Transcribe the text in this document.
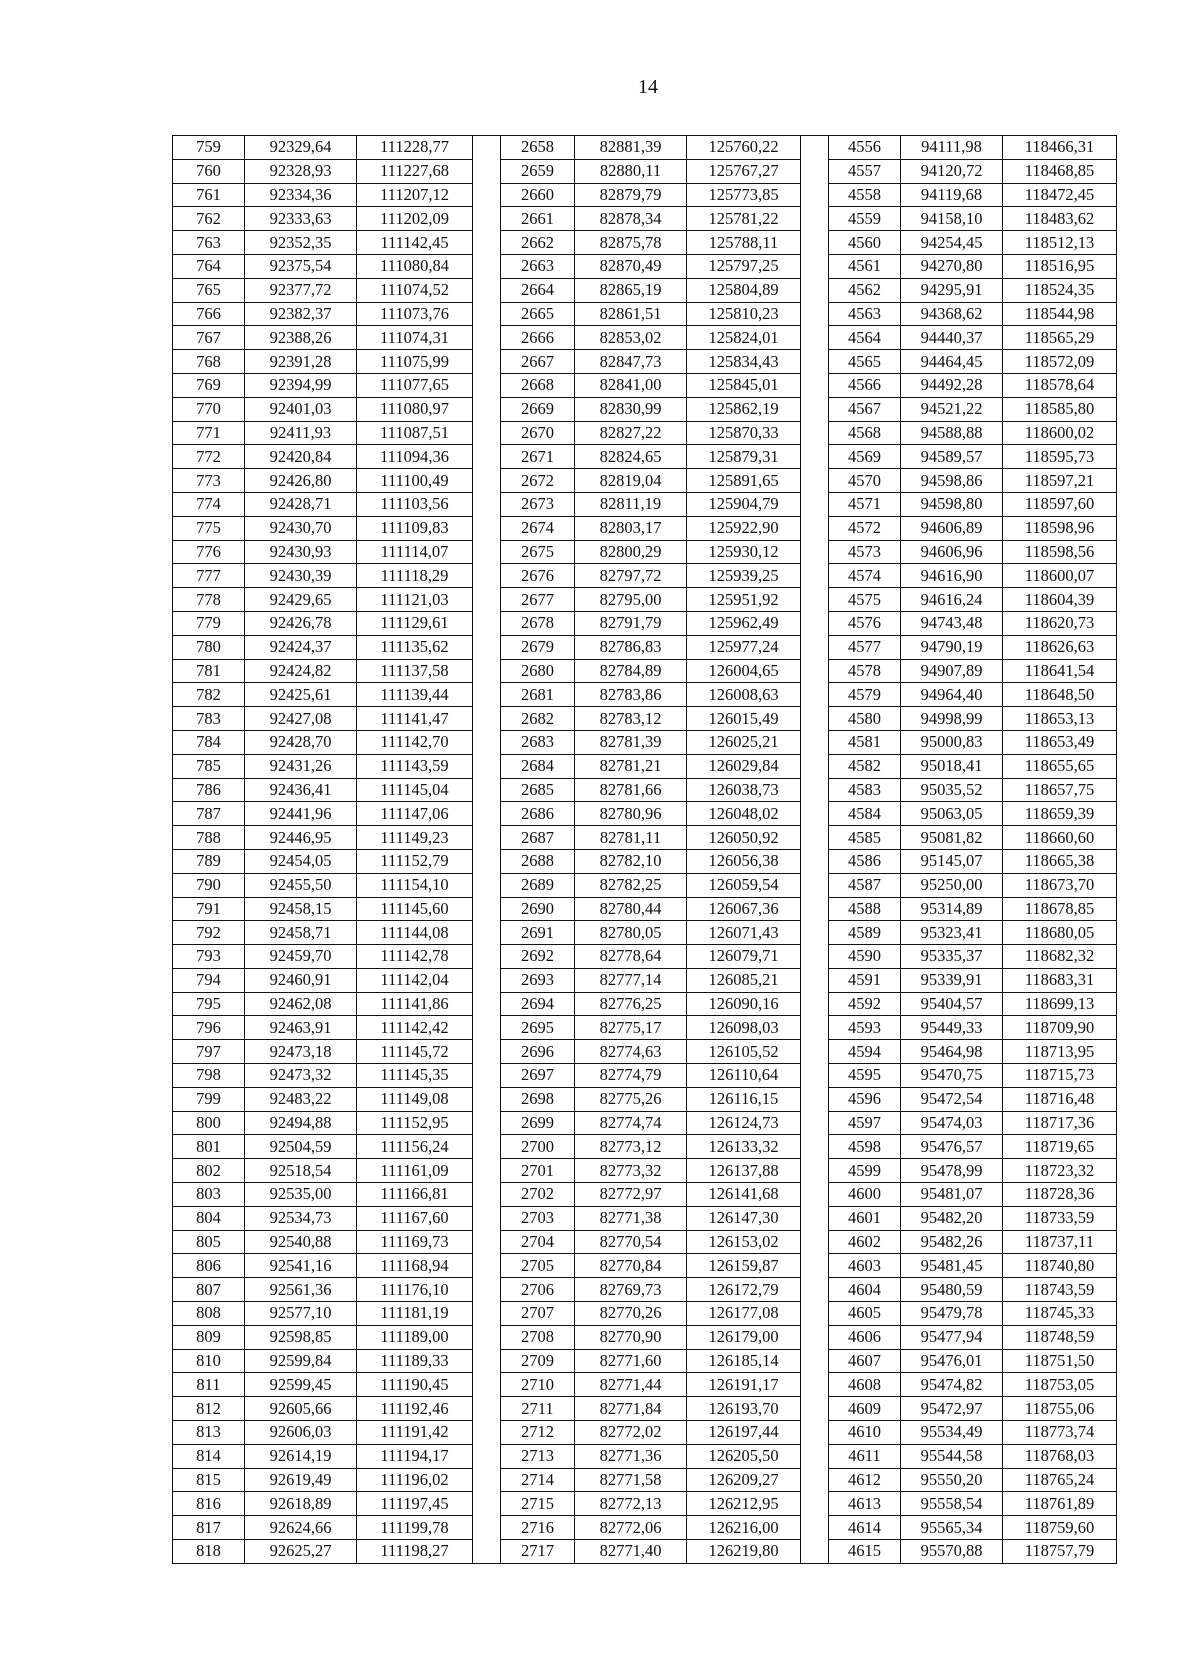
14
759	92329,64	111228,77		2658	82881,39	125760,22		4556	94111,98	118466,31
760	92328,93	111227,68		2659	82880,11	125767,27		4557	94120,72	118468,85
761	92334,36	111207,12		2660	82879,79	125773,85		4558	94119,68	118472,45
762	92333,63	111202,09		2661	82878,34	125781,22		4559	94158,10	118483,62
763	92352,35	111142,45		2662	82875,78	125788,11		4560	94254,45	118512,13
764	92375,54	111080,84		2663	82870,49	125797,25		4561	94270,80	118516,95
765	92377,72	111074,52		2664	82865,19	125804,89		4562	94295,91	118524,35
766	92382,37	111073,76		2665	82861,51	125810,23		4563	94368,62	118544,98
767	92388,26	111074,31		2666	82853,02	125824,01		4564	94440,37	118565,29
768	92391,28	111075,99		2667	82847,73	125834,43		4565	94464,45	118572,09
769	92394,99	111077,65		2668	82841,00	125845,01		4566	94492,28	118578,64
770	92401,03	111080,97		2669	82830,99	125862,19		4567	94521,22	118585,80
771	92411,93	111087,51		2670	82827,22	125870,33		4568	94588,88	118600,02
772	92420,84	111094,36		2671	82824,65	125879,31		4569	94589,57	118595,73
773	92426,80	111100,49		2672	82819,04	125891,65		4570	94598,86	118597,21
774	92428,71	111103,56		2673	82811,19	125904,79		4571	94598,80	118597,60
775	92430,70	111109,83		2674	82803,17	125922,90		4572	94606,89	118598,96
776	92430,93	111114,07		2675	82800,29	125930,12		4573	94606,96	118598,56
777	92430,39	111118,29		2676	82797,72	125939,25		4574	94616,90	118600,07
778	92429,65	111121,03		2677	82795,00	125951,92		4575	94616,24	118604,39
779	92426,78	111129,61		2678	82791,79	125962,49		4576	94743,48	118620,73
780	92424,37	111135,62		2679	82786,83	125977,24		4577	94790,19	118626,63
781	92424,82	111137,58		2680	82784,89	126004,65		4578	94907,89	118641,54
782	92425,61	111139,44		2681	82783,86	126008,63		4579	94964,40	118648,50
783	92427,08	111141,47		2682	82783,12	126015,49		4580	94998,99	118653,13
784	92428,70	111142,70		2683	82781,39	126025,21		4581	95000,83	118653,49
785	92431,26	111143,59		2684	82781,21	126029,84		4582	95018,41	118655,65
786	92436,41	111145,04		2685	82781,66	126038,73		4583	95035,52	118657,75
787	92441,96	111147,06		2686	82780,96	126048,02		4584	95063,05	118659,39
788	92446,95	111149,23		2687	82781,11	126050,92		4585	95081,82	118660,60
789	92454,05	111152,79		2688	82782,10	126056,38		4586	95145,07	118665,38
790	92455,50	111154,10		2689	82782,25	126059,54		4587	95250,00	118673,70
791	92458,15	111145,60		2690	82780,44	126067,36		4588	95314,89	118678,85
792	92458,71	111144,08		2691	82780,05	126071,43		4589	95323,41	118680,05
793	92459,70	111142,78		2692	82778,64	126079,71		4590	95335,37	118682,32
794	92460,91	111142,04		2693	82777,14	126085,21		4591	95339,91	118683,31
795	92462,08	111141,86		2694	82776,25	126090,16		4592	95404,57	118699,13
796	92463,91	111142,42		2695	82775,17	126098,03		4593	95449,33	118709,90
797	92473,18	111145,72		2696	82774,63	126105,52		4594	95464,98	118713,95
798	92473,32	111145,35		2697	82774,79	126110,64		4595	95470,75	118715,73
799	92483,22	111149,08		2698	82775,26	126116,15		4596	95472,54	118716,48
800	92494,88	111152,95		2699	82774,74	126124,73		4597	95474,03	118717,36
801	92504,59	111156,24		2700	82773,12	126133,32		4598	95476,57	118719,65
802	92518,54	111161,09		2701	82773,32	126137,88		4599	95478,99	118723,32
803	92535,00	111166,81		2702	82772,97	126141,68		4600	95481,07	118728,36
804	92534,73	111167,60		2703	82771,38	126147,30		4601	95482,20	118733,59
805	92540,88	111169,73		2704	82770,54	126153,02		4602	95482,26	118737,11
806	92541,16	111168,94		2705	82770,84	126159,87		4603	95481,45	118740,80
807	92561,36	111176,10		2706	82769,73	126172,79		4604	95480,59	118743,59
808	92577,10	111181,19		2707	82770,26	126177,08		4605	95479,78	118745,33
809	92598,85	111189,00		2708	82770,90	126179,00		4606	95477,94	118748,59
810	92599,84	111189,33		2709	82771,60	126185,14		4607	95476,01	118751,50
811	92599,45	111190,45		2710	82771,44	126191,17		4608	95474,82	118753,05
812	92605,66	111192,46		2711	82771,84	126193,70		4609	95472,97	118755,06
813	92606,03	111191,42		2712	82772,02	126197,44		4610	95534,49	118773,74
814	92614,19	111194,17		2713	82771,36	126205,50		4611	95544,58	118768,03
815	92619,49	111196,02		2714	82771,58	126209,27		4612	95550,20	118765,24
816	92618,89	111197,45		2715	82772,13	126212,95		4613	95558,54	118761,89
817	92624,66	111199,78		2716	82772,06	126216,00		4614	95565,34	118759,60
818	92625,27	111198,27		2717	82771,40	126219,80		4615	95570,88	118757,79
